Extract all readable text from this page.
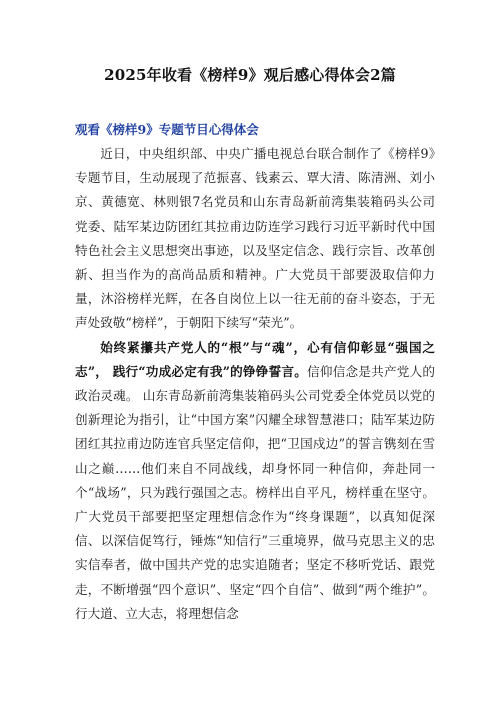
2025年收看《榜样9》观后感心得体会2篇
观看《榜样9》专题节目心得体会

近日，中央组织部、中央广播电视总台联合制作了《榜样9》专题节目，生动展现了范振喜、钱素云、覃大清、陈清洲、刘小京、黄德宽、林则银7名党员和山东青岛新前湾集装箱码头公司党委、陆军某边防团红其拉甫边防连学习践行习近平新时代中国特色社会主义思想突出事迹，以及坚定信念、践行宗旨、改革创新、担当作为的高尚品质和精神。广大党员干部要汲取信仰力量，沐浴榜样光辉，在各自岗位上以一往无前的奋斗姿态，于无声处致敬“榜样”，于朝阳下续写“荣光”。

始终紧攥共产党人的“根”与“魂”，心有信仰彰显“强国之志”， 践行“功成必定有我”的铮铮誓言。信仰信念是共产党人的政治灵魂。 山东青岛新前湾集装箱码头公司党委全体党员以党的创新理论为指引，让“中国方案”闪耀全球智慧港口；陆军某边防团红其拉甫边防连官兵坚定信仰，把“卫国戍边”的誓言镌刻在雪山之巅……他们来自不同战线，却身怀同一种信仰，奔赴同一个“战场”，只为践行强国之志。榜样出自平凡，榜样重在坚守。广大党员干部要把坚定理想信念作为“终身课题”，以真知促深信、以深信促笃行，锤炼“知信行”三重境界，做马克思主义的忠实信奉者，做中国共产党的忠实追随者；坚定不移听党话、跟党走，不断增强“四个意识”、坚定“四个自信”、做到“两个维护”。行大道、立大志，将理想信念
